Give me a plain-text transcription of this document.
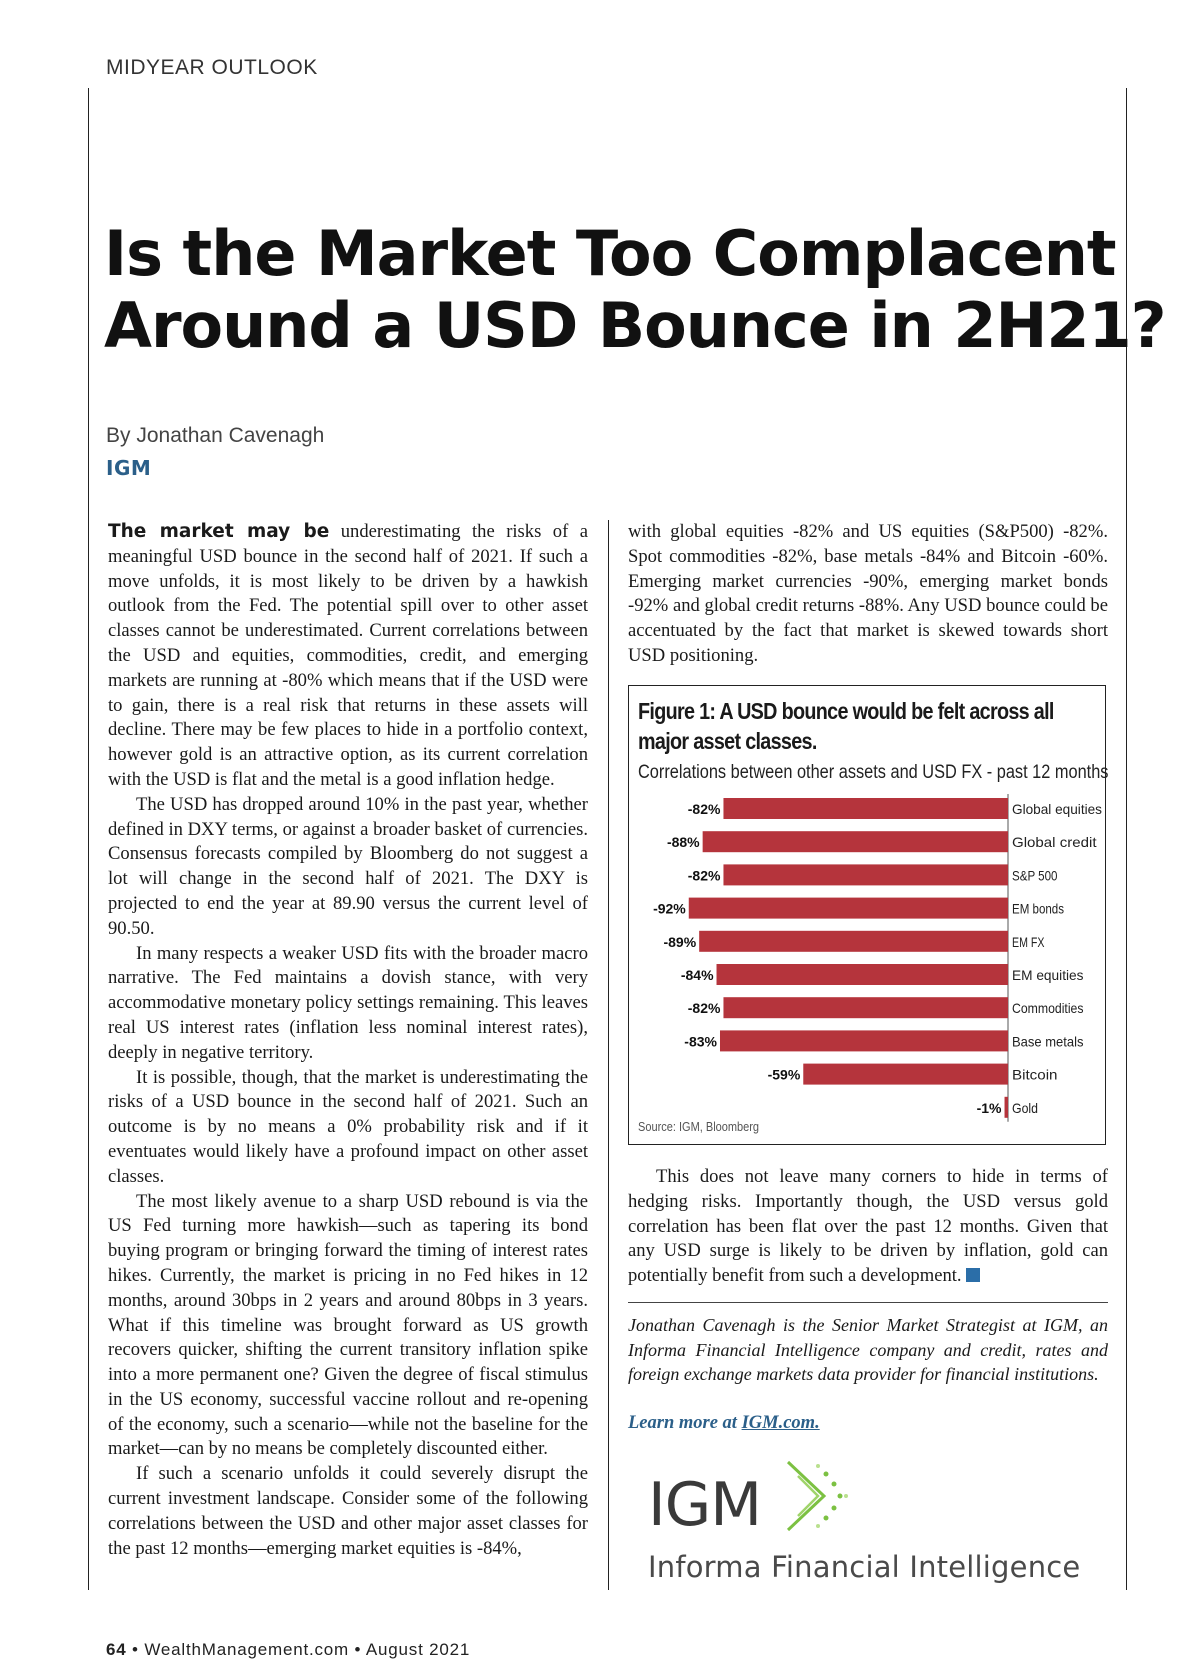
MIDYEAR OUTLOOK
Is the Market Too Complacent
Around a USD Bounce in 2H21?
By Jonathan Cavenagh
IGM

The market may be underestimating the risks of a meaningful USD bounce in the second half of 2021. If such a move unfolds, it is most likely to be driven by a hawkish outlook from the Fed. The potential spill over to other asset classes cannot be underestimated. Current correlations between the USD and equities, commodities, credit, and emerging markets are running at -80% which means that if the USD were to gain, there is a real risk that returns in these assets will decline. There may be few places to hide in a portfolio context, however gold is an attractive option, as its current correlation with the USD is flat and the metal is a good inflation hedge.

The USD has dropped around 10% in the past year, whether defined in DXY terms, or against a broader basket of currencies. Consensus forecasts compiled by Bloomberg do not suggest a lot will change in the second half of 2021. The DXY is projected to end the year at 89.90 versus the current level of 90.50.

In many respects a weaker USD fits with the broader macro narrative. The Fed maintains a dovish stance, with very accommodative monetary policy settings remaining. This leaves real US interest rates (inflation less nominal interest rates), deeply in negative territory.

It is possible, though, that the market is underestimating the risks of a USD bounce in the second half of 2021. Such an outcome is by no means a 0% probability risk and if it eventuates would likely have a profound impact on other asset classes.

The most likely avenue to a sharp USD rebound is via the US Fed turning more hawkish—such as tapering its bond buying program or bringing forward the timing of interest rates hikes. Currently, the market is pricing in no Fed hikes in 12 months, around 30bps in 2 years and around 80bps in 3 years. What if this timeline was brought forward as US growth recovers quicker, shifting the current transitory inflation spike into a more permanent one? Given the degree of fiscal stimulus in the US economy, successful vaccine rollout and re-opening of the economy, such a scenario—while not the baseline for the market—can by no means be completely discounted either.

If such a scenario unfolds it could severely disrupt the current investment landscape. Consider some of the following correlations between the USD and other major asset classes for the past 12 months—emerging market equities is -84%,

with global equities -82% and US equities (S&P500) -82%. Spot commodities -82%, base metals -84% and Bitcoin -60%. Emerging market currencies -90%, emerging market bonds -92% and global credit returns -88%. Any USD bounce could be accentuated by the fact that market is skewed towards short USD positioning.

Figure 1: A USD bounce would be felt across all
major asset classes.
Correlations between other assets and USD FX - past 12 months
-82%	Global equities
-88%	Global credit
-82%	S&P 500
-92%	EM bonds
-89%	EM FX
-84%	EM equities
-82%	Commodities
-83%	Base metals
-59%	Bitcoin
-1% Gold
Source: IGM, Bloomberg

This does not leave many corners to hide in terms of hedging risks. Importantly though, the USD versus gold correlation has been flat over the past 12 months. Given that any USD surge is likely to be driven by inflation, gold can potentially benefit from such a development.

Jonathan Cavenagh is the Senior Market Strategist at IGM, an Informa Financial Intelligence company and credit, rates and foreign exchange markets data provider for financial institutions.
Learn more at IGM.com.
IGM
Informa Financial Intelligence
64 • WealthManagement.com • August 2021
